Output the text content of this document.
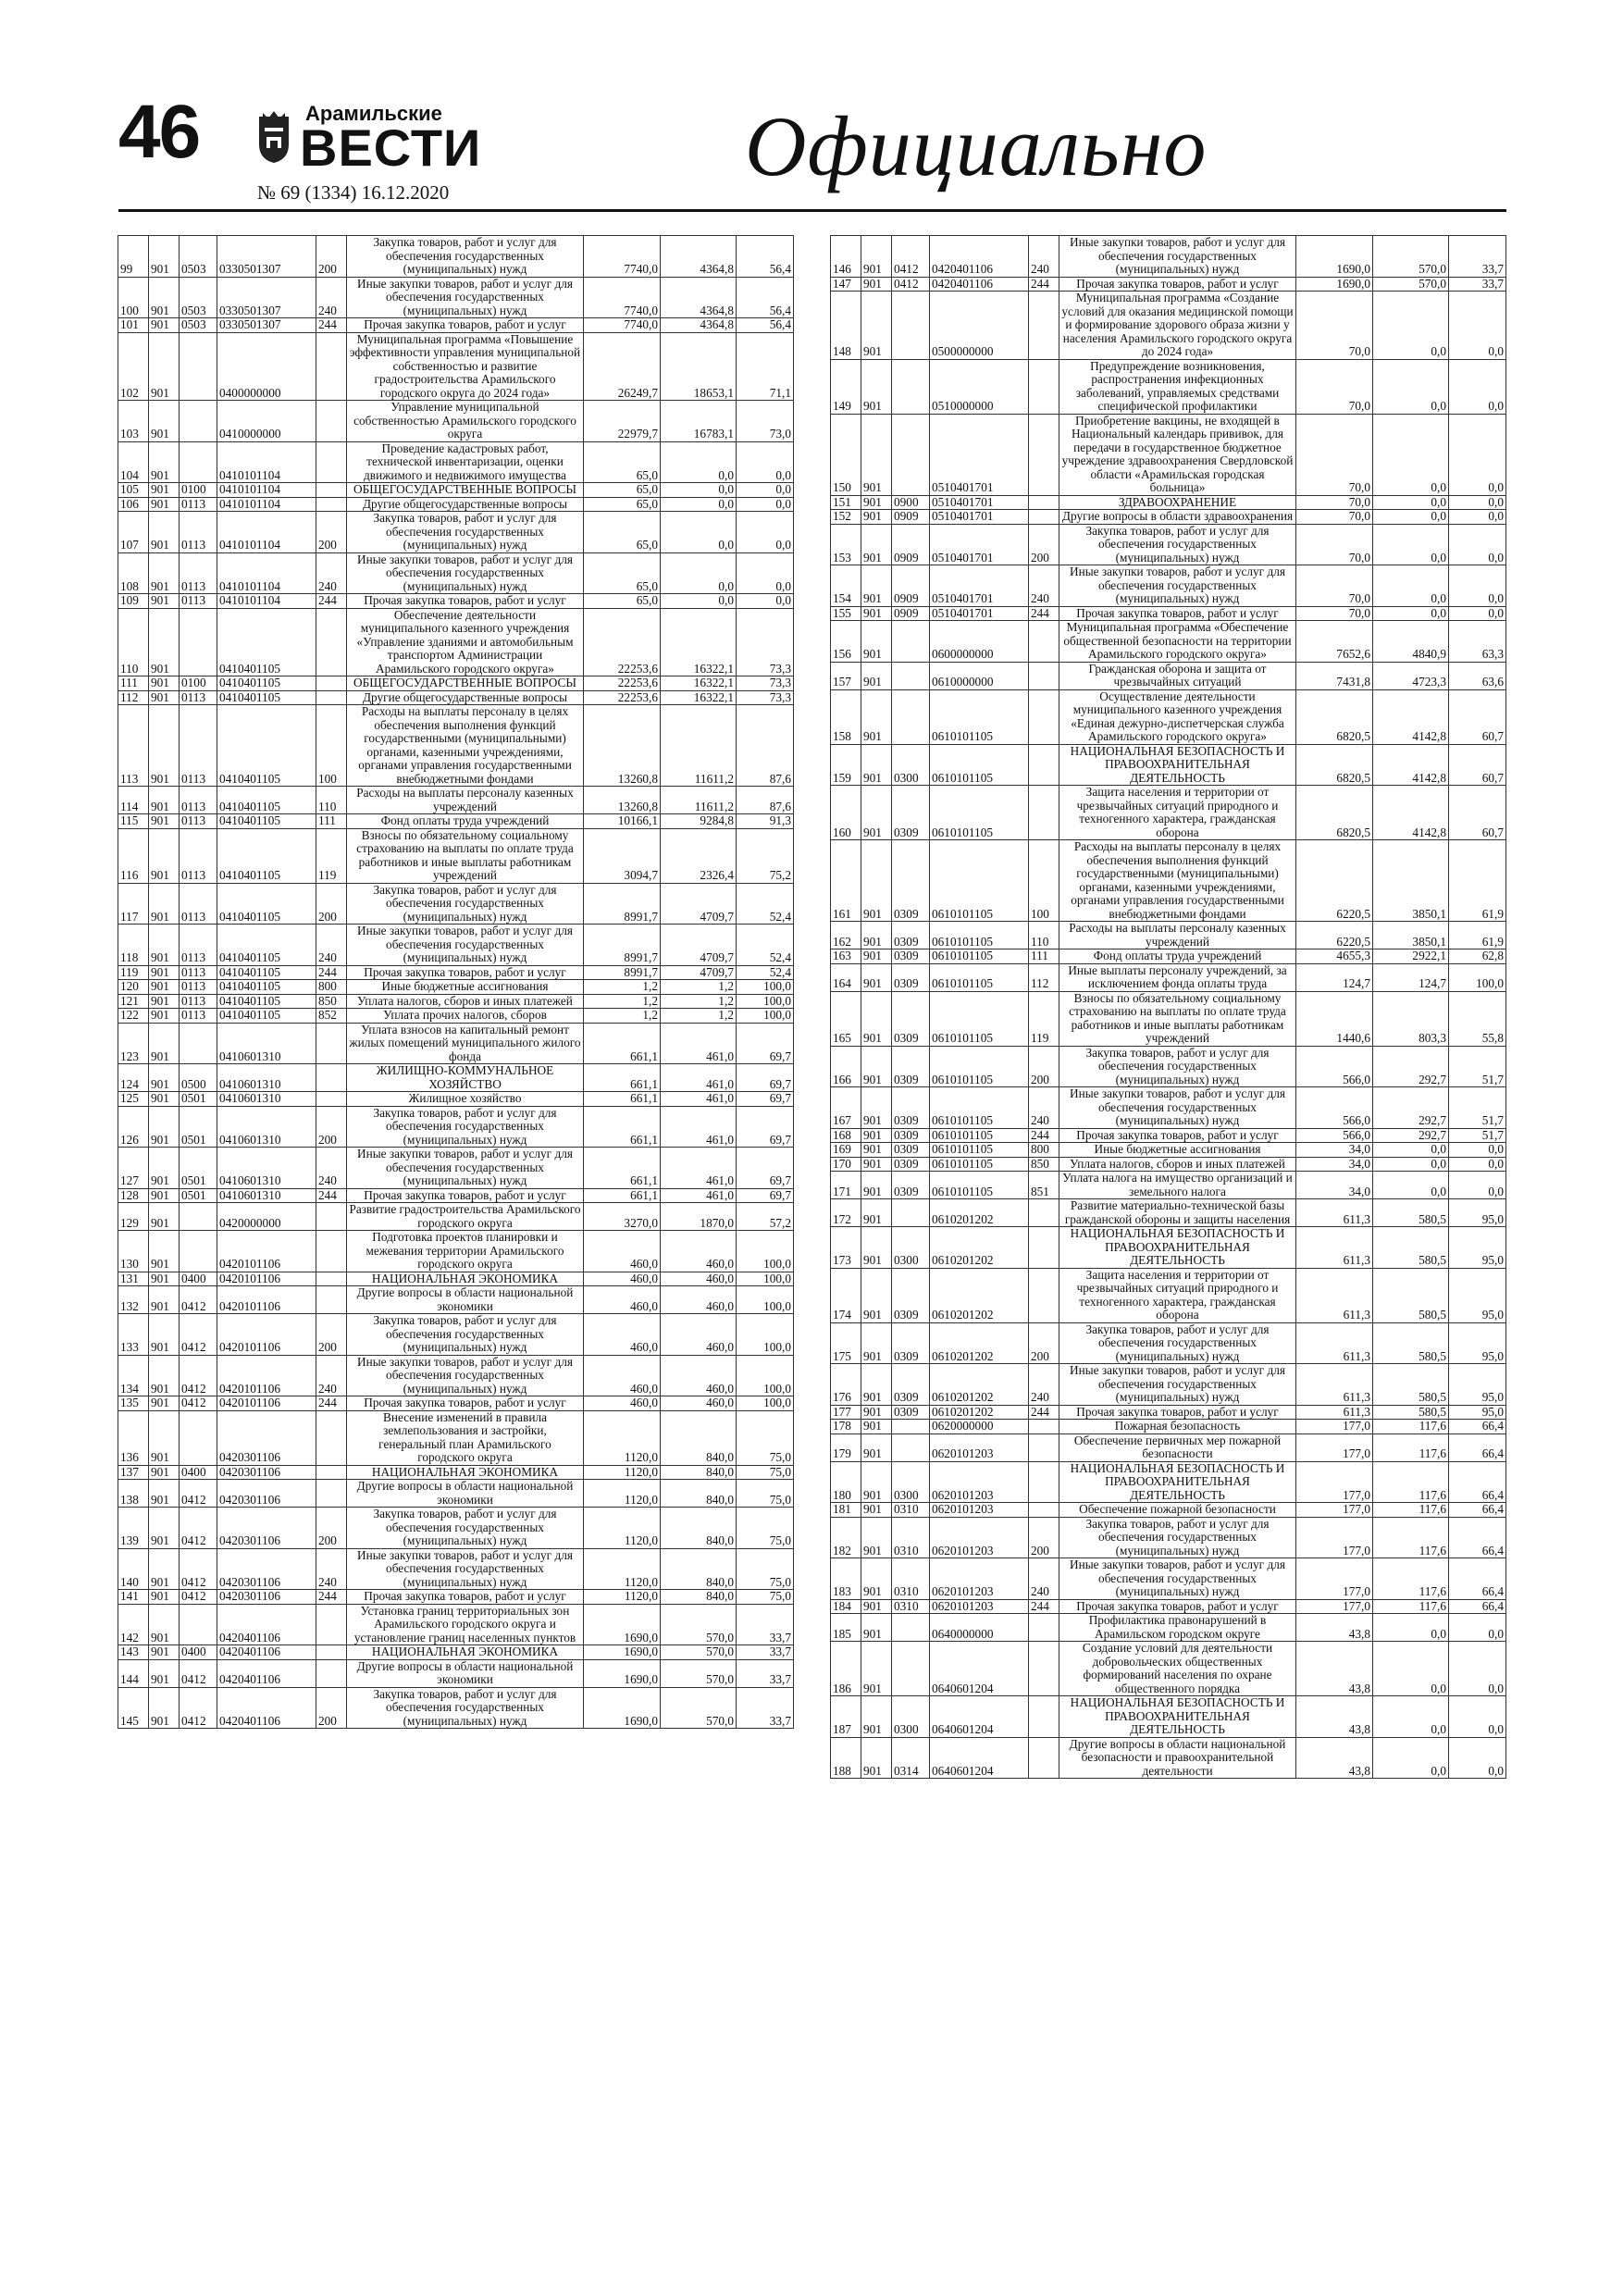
46	Арамильские
ВЕСТИ
№ 69 (1334) 16.12.2020	Официально
99	901	0503	0330501307	200	Закупка товаров, работ и услуг для обеспечения государственных (муниципальных) нужд	7740,0	4364,8	56,4
100	901	0503	0330501307	240	Иные закупки товаров, работ и услуг для обеспечения государственных (муниципальных) нужд	7740,0	4364,8	56,4
101	901	0503	0330501307	244	Прочая закупка товаров, работ и услуг	7740,0	4364,8	56,4
102	901		0400000000		Муниципальная программа «Повышение эффективности управления муниципальной собственностью и развитие градостроительства Арамильского городского округа до 2024 года»	26249,7	18653,1	71,1
103	901		0410000000		Управление муниципальной собственностью Арамильского городского округа	22979,7	16783,1	73,0
104	901		0410101104		Проведение кадастровых работ, технической инвентаризации, оценки движимого и недвижимого имущества	65,0	0,0	0,0
105	901	0100	0410101104		ОБЩЕГОСУДАРСТВЕННЫЕ ВОПРОСЫ	65,0	0,0	0,0
106	901	0113	0410101104		Другие общегосударственные вопросы	65,0	0,0	0,0
107	901	0113	0410101104	200	Закупка товаров, работ и услуг для обеспечения государственных (муниципальных) нужд	65,0	0,0	0,0
108	901	0113	0410101104	240	Иные закупки товаров, работ и услуг для обеспечения государственных (муниципальных) нужд	65,0	0,0	0,0
109	901	0113	0410101104	244	Прочая закупка товаров, работ и услуг	65,0	0,0	0,0
110	901		0410401105		Обеспечение деятельности муниципального казенного учреждения «Управление зданиями и автомобильным транспортом Администрации Арамильского городского округа»	22253,6	16322,1	73,3
111	901	0100	0410401105		ОБЩЕГОСУДАРСТВЕННЫЕ ВОПРОСЫ	22253,6	16322,1	73,3
112	901	0113	0410401105		Другие общегосударственные вопросы	22253,6	16322,1	73,3
113	901	0113	0410401105	100	Расходы на выплаты персоналу в целях обеспечения выполнения функций государственными (муниципальными) органами, казенными учреждениями, органами управления государственными внебюджетными фондами	13260,8	11611,2	87,6
114	901	0113	0410401105	110	Расходы на выплаты персоналу казенных учреждений	13260,8	11611,2	87,6
115	901	0113	0410401105	111	Фонд оплаты труда учреждений	10166,1	9284,8	91,3
116	901	0113	0410401105	119	Взносы по обязательному социальному страхованию на выплаты по оплате труда работников и иные выплаты работникам учреждений	3094,7	2326,4	75,2
117	901	0113	0410401105	200	Закупка товаров, работ и услуг для обеспечения государственных (муниципальных) нужд	8991,7	4709,7	52,4
118	901	0113	0410401105	240	Иные закупки товаров, работ и услуг для обеспечения государственных (муниципальных) нужд	8991,7	4709,7	52,4
119	901	0113	0410401105	244	Прочая закупка товаров, работ и услуг	8991,7	4709,7	52,4
120	901	0113	0410401105	800	Иные бюджетные ассигнования	1,2	1,2	100,0
121	901	0113	0410401105	850	Уплата налогов, сборов и иных платежей	1,2	1,2	100,0
122	901	0113	0410401105	852	Уплата прочих налогов, сборов	1,2	1,2	100,0
123	901		0410601310		Уплата взносов на капитальный ремонт жилых помещений муниципального жилого фонда	661,1	461,0	69,7
124	901	0500	0410601310		ЖИЛИЩНО-КОММУНАЛЬНОЕ ХОЗЯЙСТВО	661,1	461,0	69,7
125	901	0501	0410601310		Жилищное хозяйство	661,1	461,0	69,7
126	901	0501	0410601310	200	Закупка товаров, работ и услуг для обеспечения государственных (муниципальных) нужд	661,1	461,0	69,7
127	901	0501	0410601310	240	Иные закупки товаров, работ и услуг для обеспечения государственных (муниципальных) нужд	661,1	461,0	69,7
128	901	0501	0410601310	244	Прочая закупка товаров, работ и услуг	661,1	461,0	69,7
129	901		0420000000		Развитие градостроительства Арамильского городского округа	3270,0	1870,0	57,2
130	901		0420101106		Подготовка проектов планировки и межевания территории Арамильского городского округа	460,0	460,0	100,0
131	901	0400	0420101106		НАЦИОНАЛЬНАЯ ЭКОНОМИКА	460,0	460,0	100,0
132	901	0412	0420101106		Другие вопросы в области национальной экономики	460,0	460,0	100,0
133	901	0412	0420101106	200	Закупка товаров, работ и услуг для обеспечения государственных (муниципальных) нужд	460,0	460,0	100,0
134	901	0412	0420101106	240	Иные закупки товаров, работ и услуг для обеспечения государственных (муниципальных) нужд	460,0	460,0	100,0
135	901	0412	0420101106	244	Прочая закупка товаров, работ и услуг	460,0	460,0	100,0
136	901		0420301106		Внесение изменений в правила землепользования и застройки, генеральный план Арамильского городского округа	1120,0	840,0	75,0
137	901	0400	0420301106		НАЦИОНАЛЬНАЯ ЭКОНОМИКА	1120,0	840,0	75,0
138	901	0412	0420301106		Другие вопросы в области национальной экономики	1120,0	840,0	75,0
139	901	0412	0420301106	200	Закупка товаров, работ и услуг для обеспечения государственных (муниципальных) нужд	1120,0	840,0	75,0
140	901	0412	0420301106	240	Иные закупки товаров, работ и услуг для обеспечения государственных (муниципальных) нужд	1120,0	840,0	75,0
141	901	0412	0420301106	244	Прочая закупка товаров, работ и услуг	1120,0	840,0	75,0
142	901		0420401106		Установка границ территориальных зон Арамильского городского округа и установление границ населенных пунктов	1690,0	570,0	33,7
143	901	0400	0420401106		НАЦИОНАЛЬНАЯ ЭКОНОМИКА	1690,0	570,0	33,7
144	901	0412	0420401106		Другие вопросы в области национальной экономики	1690,0	570,0	33,7
145	901	0412	0420401106	200	Закупка товаров, работ и услуг для обеспечения государственных (муниципальных) нужд	1690,0	570,0	33,7
146	901	0412	0420401106	240	Иные закупки товаров, работ и услуг для обеспечения государственных (муниципальных) нужд	1690,0	570,0	33,7
147	901	0412	0420401106	244	Прочая закупка товаров, работ и услуг	1690,0	570,0	33,7
148	901		0500000000		Муниципальная программа «Создание условий для оказания медицинской помощи и формирование здорового образа жизни у населения Арамильского городского округа до 2024 года»	70,0	0,0	0,0
149	901		0510000000		Предупреждение возникновения, распространения инфекционных заболеваний, управляемых средствами специфической профилактики	70,0	0,0	0,0
150	901		0510401701		Приобретение вакцины, не входящей в Национальный календарь прививок, для передачи в государственное бюджетное учреждение здравоохранения Свердловской области «Арамильская городская больница»	70,0	0,0	0,0
151	901	0900	0510401701		ЗДРАВООХРАНЕНИЕ	70,0	0,0	0,0
152	901	0909	0510401701		Другие вопросы в области здравоохранения	70,0	0,0	0,0
153	901	0909	0510401701	200	Закупка товаров, работ и услуг для обеспечения государственных (муниципальных) нужд	70,0	0,0	0,0
154	901	0909	0510401701	240	Иные закупки товаров, работ и услуг для обеспечения государственных (муниципальных) нужд	70,0	0,0	0,0
155	901	0909	0510401701	244	Прочая закупка товаров, работ и услуг	70,0	0,0	0,0
156	901		0600000000		Муниципальная программа «Обеспечение общественной безопасности на территории Арамильского городского округа»	7652,6	4840,9	63,3
157	901		0610000000		Гражданская оборона и защита от чрезвычайных ситуаций	7431,8	4723,3	63,6
158	901		0610101105		Осуществление деятельности муниципального казенного учреждения «Единая дежурно-диспетчерская служба Арамильского городского округа»	6820,5	4142,8	60,7
159	901	0300	0610101105		НАЦИОНАЛЬНАЯ БЕЗОПАСНОСТЬ И ПРАВООХРАНИТЕЛЬНАЯ ДЕЯТЕЛЬНОСТЬ	6820,5	4142,8	60,7
160	901	0309	0610101105		Защита населения и территории от чрезвычайных ситуаций природного и техногенного характера, гражданская оборона	6820,5	4142,8	60,7
161	901	0309	0610101105	100	Расходы на выплаты персоналу в целях обеспечения выполнения функций государственными (муниципальными) органами, казенными учреждениями, органами управления государственными внебюджетными фондами	6220,5	3850,1	61,9
162	901	0309	0610101105	110	Расходы на выплаты персоналу казенных учреждений	6220,5	3850,1	61,9
163	901	0309	0610101105	111	Фонд оплаты труда учреждений	4655,3	2922,1	62,8
164	901	0309	0610101105	112	Иные выплаты персоналу учреждений, за исключением фонда оплаты труда	124,7	124,7	100,0
165	901	0309	0610101105	119	Взносы по обязательному социальному страхованию на выплаты по оплате труда работников и иные выплаты работникам учреждений	1440,6	803,3	55,8
166	901	0309	0610101105	200	Закупка товаров, работ и услуг для обеспечения государственных (муниципальных) нужд	566,0	292,7	51,7
167	901	0309	0610101105	240	Иные закупки товаров, работ и услуг для обеспечения государственных (муниципальных) нужд	566,0	292,7	51,7
168	901	0309	0610101105	244	Прочая закупка товаров, работ и услуг	566,0	292,7	51,7
169	901	0309	0610101105	800	Иные бюджетные ассигнования	34,0	0,0	0,0
170	901	0309	0610101105	850	Уплата налогов, сборов и иных платежей	34,0	0,0	0,0
171	901	0309	0610101105	851	Уплата налога на имущество организаций и земельного налога	34,0	0,0	0,0
172	901		0610201202		Развитие материально-технической базы гражданской обороны и защиты населения	611,3	580,5	95,0
173	901	0300	0610201202		НАЦИОНАЛЬНАЯ БЕЗОПАСНОСТЬ И ПРАВООХРАНИТЕЛЬНАЯ ДЕЯТЕЛЬНОСТЬ	611,3	580,5	95,0
174	901	0309	0610201202		Защита населения и территории от чрезвычайных ситуаций природного и техногенного характера, гражданская оборона	611,3	580,5	95,0
175	901	0309	0610201202	200	Закупка товаров, работ и услуг для обеспечения государственных (муниципальных) нужд	611,3	580,5	95,0
176	901	0309	0610201202	240	Иные закупки товаров, работ и услуг для обеспечения государственных (муниципальных) нужд	611,3	580,5	95,0
177	901	0309	0610201202	244	Прочая закупка товаров, работ и услуг	611,3	580,5	95,0
178	901		0620000000		Пожарная безопасность	177,0	117,6	66,4
179	901		0620101203		Обеспечение первичных мер пожарной безопасности	177,0	117,6	66,4
180	901	0300	0620101203		НАЦИОНАЛЬНАЯ БЕЗОПАСНОСТЬ И ПРАВООХРАНИТЕЛЬНАЯ ДЕЯТЕЛЬНОСТЬ	177,0	117,6	66,4
181	901	0310	0620101203		Обеспечение пожарной безопасности	177,0	117,6	66,4
182	901	0310	0620101203	200	Закупка товаров, работ и услуг для обеспечения государственных (муниципальных) нужд	177,0	117,6	66,4
183	901	0310	0620101203	240	Иные закупки товаров, работ и услуг для обеспечения государственных (муниципальных) нужд	177,0	117,6	66,4
184	901	0310	0620101203	244	Прочая закупка товаров, работ и услуг	177,0	117,6	66,4
185	901		0640000000		Профилактика правонарушений в Арамильском городском округе	43,8	0,0	0,0
186	901		0640601204		Создание условий для деятельности добровольческих общественных формирований населения по охране общественного порядка	43,8	0,0	0,0
187	901	0300	0640601204		НАЦИОНАЛЬНАЯ БЕЗОПАСНОСТЬ И ПРАВООХРАНИТЕЛЬНАЯ ДЕЯТЕЛЬНОСТЬ	43,8	0,0	0,0
188	901	0314	0640601204		Другие вопросы в области национальной безопасности и правоохранительной деятельности	43,8	0,0	0,0
